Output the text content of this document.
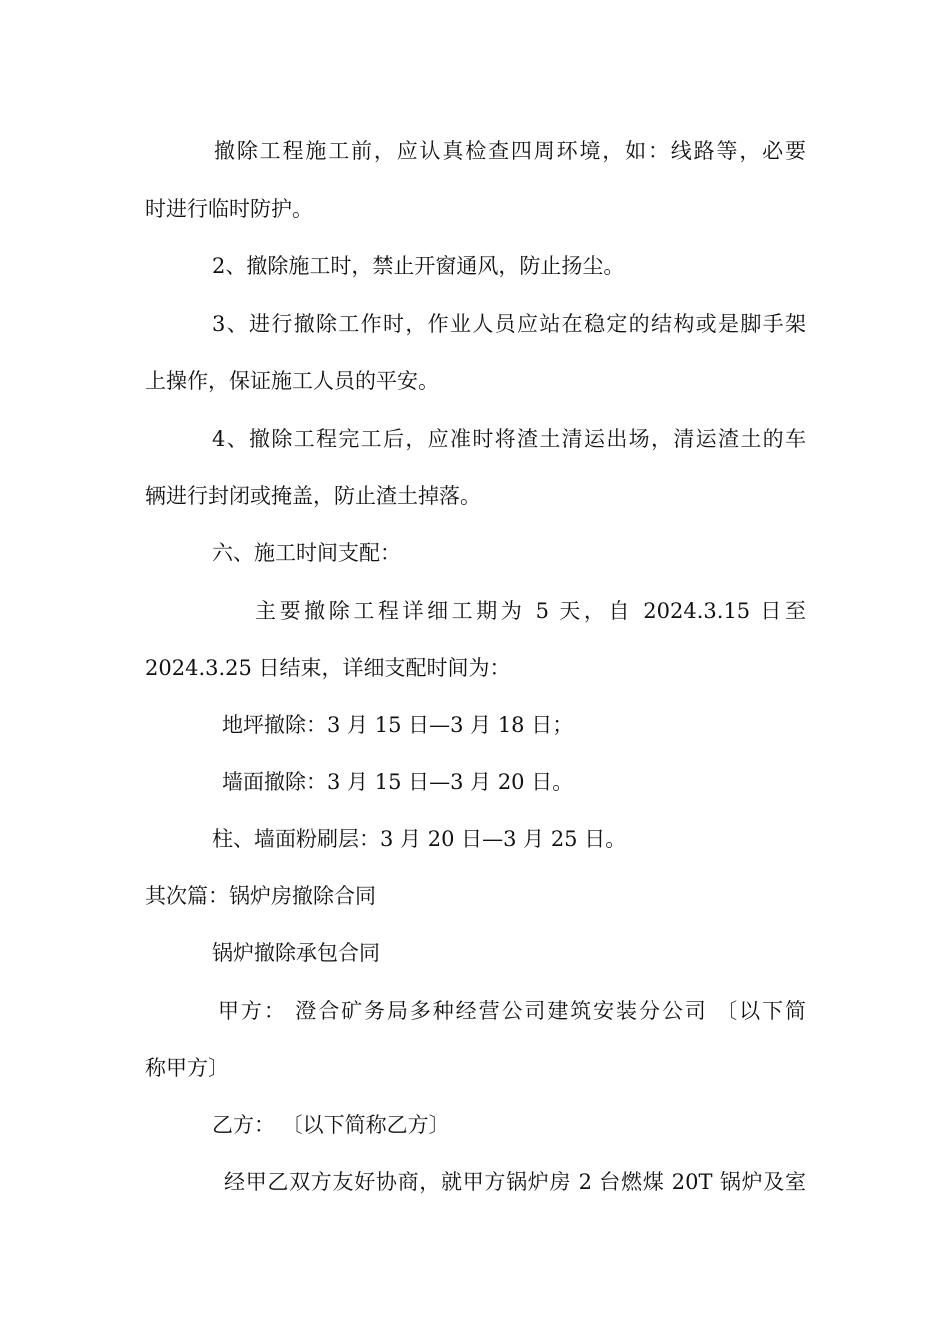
撤除工程施工前，应认真检查四周环境，如：线路等，必要
时进行临时防护。
2、撤除施工时，禁止开窗通风，防止扬尘。
3、进行撤除工作时，作业人员应站在稳定的结构或是脚手架
上操作，保证施工人员的平安。
4、撤除工程完工后，应准时将渣土清运出场，清运渣土的车
辆进行封闭或掩盖，防止渣土掉落。
六、施工时间支配：
主要撤除工程详细工期为 5 天，自 2024.3.15 日至
2024.3.25 日结束，详细支配时间为：
地坪撤除：3 月 15 日—3 月 18 日；
墙面撤除：3 月 15 日—3 月 20 日。
柱、墙面粉刷层：3 月 20 日—3 月 25 日。
其次篇：锅炉房撤除合同
锅炉撤除承包合同
甲方： 澄合矿务局多种经营公司建筑安装分公司 〔以下简
称甲方〕
乙方： 〔以下简称乙方〕
经甲乙双方友好协商，就甲方锅炉房 2 台燃煤 20T 锅炉及室
